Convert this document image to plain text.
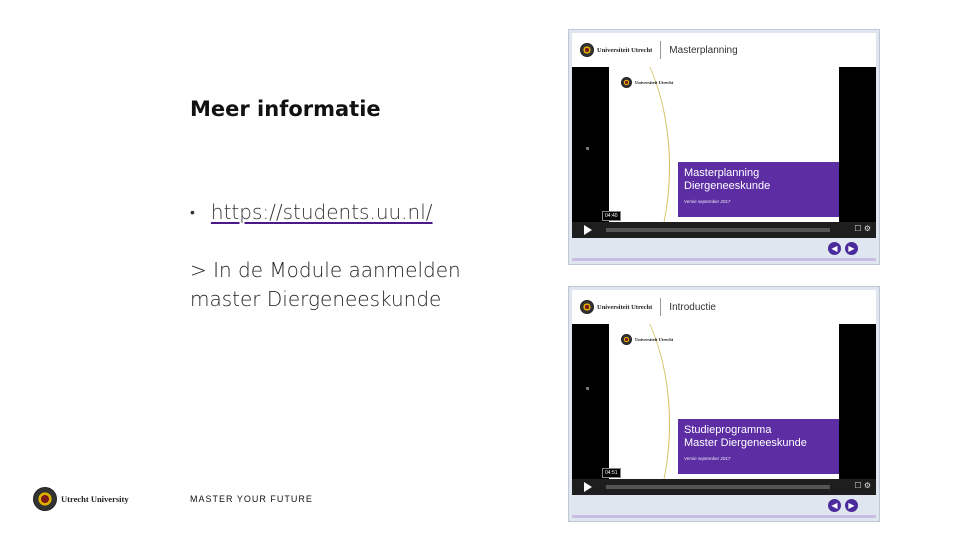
Meer informatie
• https://students.uu.nl/
> In de Module aanmelden master Diergeneeskunde
Utrecht University	MASTER YOUR FUTURE
Universiteit Utrecht Masterplanning
Universiteit Utrecht
Masterplanning
Diergeneeskunde
Versie september 2017
04:40
☐ ⚙
◀	▶
Universiteit Utrecht Introductie
Universiteit Utrecht
Studieprogramma
Master Diergeneeskunde
Versie september 2017
04:51
☐ ⚙
◀	▶
